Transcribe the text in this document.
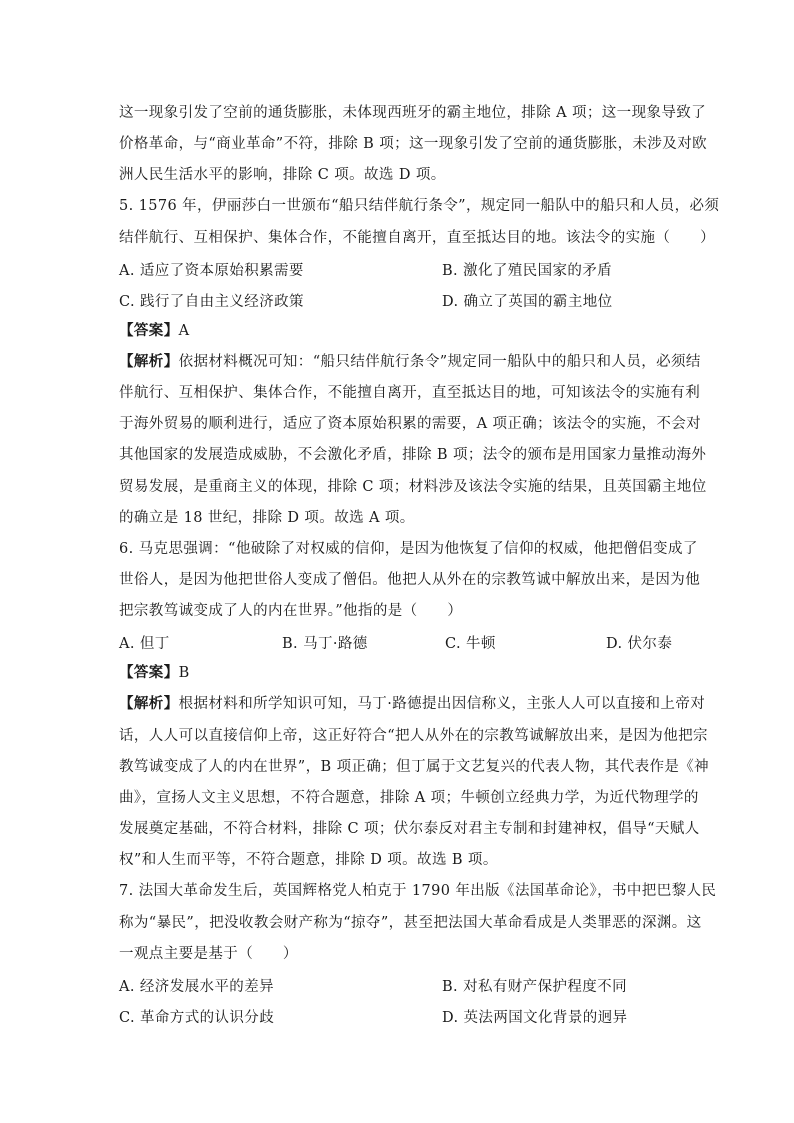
这一现象引发了空前的通货膨胀，未体现西班牙的霸主地位，排除 A 项；这一现象导致了
价格革命，与“商业革命”不符，排除 B 项；这一现象引发了空前的通货膨胀，未涉及对欧
洲人民生活水平的影响，排除 C 项。故选 D 项。
5. 1576 年，伊丽莎白一世颁布“船只结伴航行条令”，规定同一船队中的船只和人员，必须
结伴航行、互相保护、集体合作，不能擅自离开，直至抵达目的地。该法令的实施（　　）
A. 适应了资本原始积累需要	B. 激化了殖民国家的矛盾
C. 践行了自由主义经济政策	D. 确立了英国的霸主地位
【答案】A
【解析】依据材料概况可知：“船只结伴航行条令”规定同一船队中的船只和人员，必须结
伴航行、互相保护、集体合作，不能擅自离开，直至抵达目的地，可知该法令的实施有利
于海外贸易的顺利进行，适应了资本原始积累的需要，A 项正确；该法令的实施，不会对
其他国家的发展造成威胁，不会激化矛盾，排除 B 项；法令的颁布是用国家力量推动海外
贸易发展，是重商主义的体现，排除 C 项；材料涉及该法令实施的结果，且英国霸主地位
的确立是 18 世纪，排除 D 项。故选 A 项。
6. 马克思强调：“他破除了对权威的信仰，是因为他恢复了信仰的权威，他把僧侣变成了
世俗人，是因为他把世俗人变成了僧侣。他把人从外在的宗教笃诚中解放出来，是因为他
把宗教笃诚变成了人的内在世界。”他指的是（　　）
A. 但丁	B. 马丁·路德	C. 牛顿	D. 伏尔泰
【答案】B
【解析】根据材料和所学知识可知，马丁·路德提出因信称义，主张人人可以直接和上帝对
话，人人可以直接信仰上帝，这正好符合“把人从外在的宗教笃诚解放出来，是因为他把宗
教笃诚变成了人的内在世界”，B 项正确；但丁属于文艺复兴的代表人物，其代表作是《神
曲》，宣扬人文主义思想，不符合题意，排除 A 项；牛顿创立经典力学，为近代物理学的
发展奠定基础，不符合材料，排除 C 项；伏尔泰反对君主专制和封建神权，倡导“天赋人
权”和人生而平等，不符合题意，排除 D 项。故选 B 项。
7. 法国大革命发生后，英国辉格党人柏克于 1790 年出版《法国革命论》，书中把巴黎人民
称为“暴民”，把没收教会财产称为“掠夺”，甚至把法国大革命看成是人类罪恶的深渊。这
一观点主要是基于（　　）
A. 经济发展水平的差异	B. 对私有财产保护程度不同
C. 革命方式的认识分歧	D. 英法两国文化背景的迥异
